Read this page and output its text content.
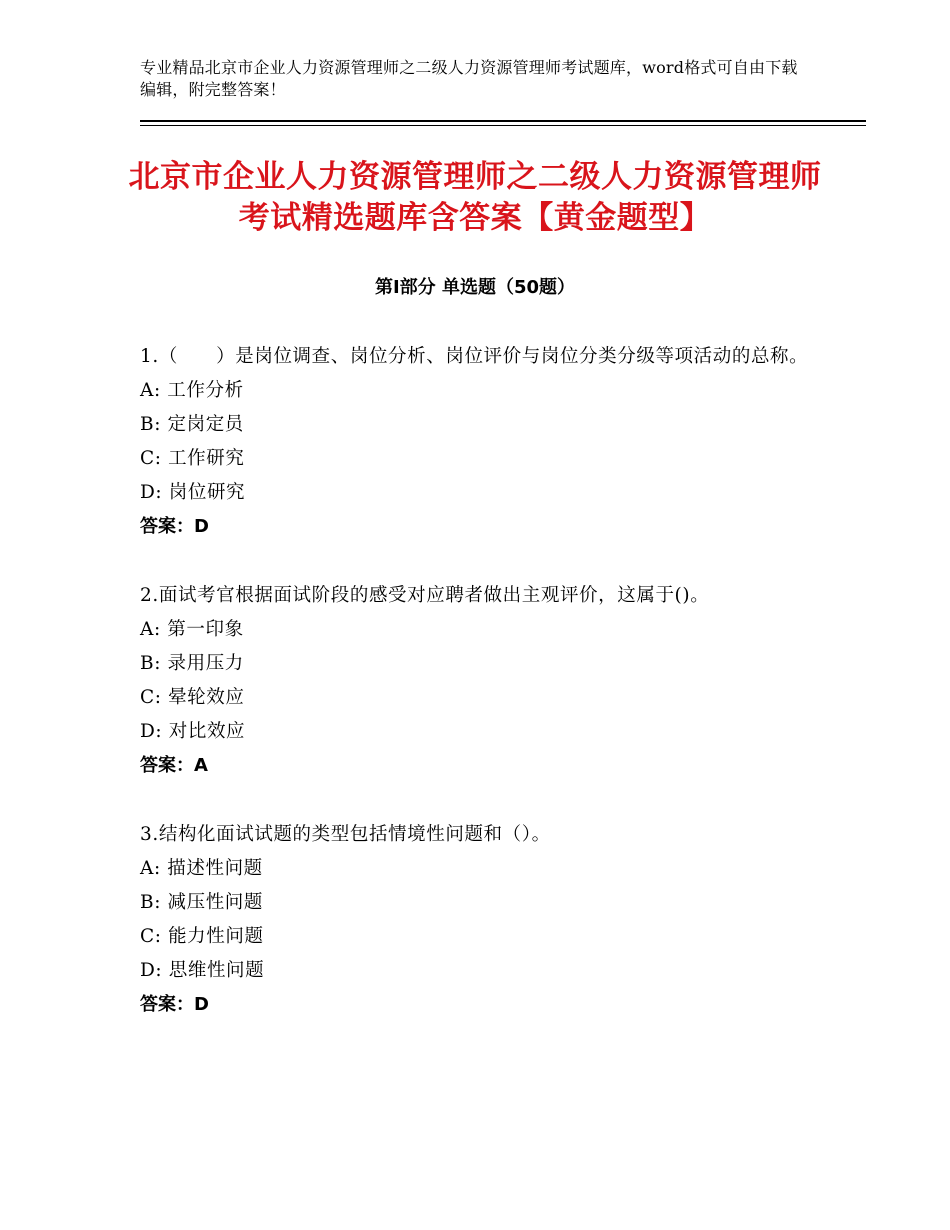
专业精品北京市企业人力资源管理师之二级人力资源管理师考试题库，word格式可自由下载编辑，附完整答案！
北京市企业人力资源管理师之二级人力资源管理师考试精选题库含答案【黄金题型】
第Ⅰ部分 单选题（50题）
1.（　　）是岗位调查、岗位分析、岗位评价与岗位分类分级等项活动的总称。
A: 工作分析
B: 定岗定员
C: 工作研究
D: 岗位研究
答案：D
2.面试考官根据面试阶段的感受对应聘者做出主观评价，这属于()。
A: 第一印象
B: 录用压力
C: 晕轮效应
D: 对比效应
答案：A
3.结构化面试试题的类型包括情境性问题和（）。
A: 描述性问题
B: 减压性问题
C: 能力性问题
D: 思维性问题
答案：D
